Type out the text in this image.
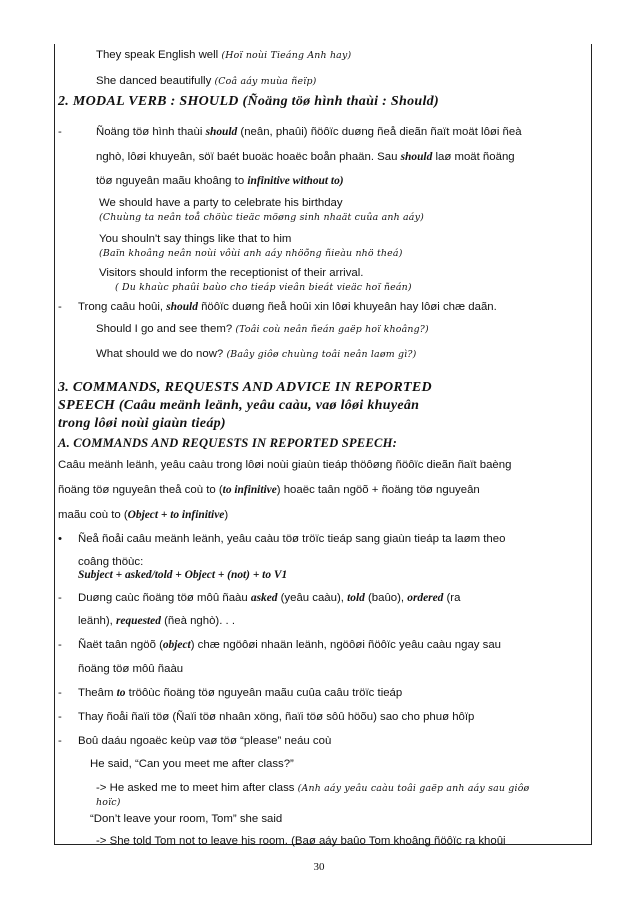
They speak English well (Hoï noùi Tieáng Anh hay)
She danced beautifully (Coâ aáy muùa ñeïp)
2. MODAL VERB : SHOULD (Ñoäng töø hình thaùi : Should)
-	Ñoäng töø hình thaùi should (neân, phaûi) ñöôïc duøng ñeå dieãn ñaït moät lôøi ñeà
nghò, lôøi khuyeân, söï baét buoäc hoaëc boån phaän. Sau should laø moät ñoäng
töø nguyeân maãu khoâng to infinitive without to)
We should have a party to celebrate his birthday
(Chuùng ta neân toå chöùc tieäc möøng sinh nhaät cuûa anh aáy)
You shouln't say things like that to him
(Baïn khoâng neân noùi vôùi anh aáy nhöõng ñieàu nhö theá)
Visitors should inform the receptionist of their arrival.
( Du khaùc phaûi baùo cho tieáp vieân bieát vieäc hoï ñeán)
- Trong caâu hoûi, should ñöôïc duøng ñeå hoûi xin lôøi khuyeân hay lôøi chæ daãn.
Should I go and see them? (Toâi coù neân ñeán gaëp hoï khoâng?)
What should we do now? (Baây giôø chuùng toâi neân laøm gì?)
3. COMMANDS, REQUESTS AND ADVICE IN REPORTED
SPEECH (Caâu meänh leänh, yeâu caàu, vaø lôøi khuyeân
trong lôøi noùi giaùn tieáp)
A. COMMANDS AND REQUESTS IN REPORTED SPEECH:
Caâu meänh leänh, yeâu caàu trong lôøi noùi giaùn tieáp thöôøng ñöôïc dieãn ñaït baèng
ñoäng töø nguyeân theå coù to (to infinitive) hoaëc taân ngöõ + ñoäng töø nguyeân
maãu coù to (Object + to infinitive)
• Ñeå ñoåi caâu meänh leänh, yeâu caàu töø tröïc tieáp sang giaùn tieáp ta laøm theo
coâng thöùc:
Subject + asked/told + Object + (not) + to V1
- Duøng caùc ñoäng töø môû ñaàu asked (yeâu caàu), told (baûo), ordered (ra
leänh), requested (ñeà nghò). . .
- Ñaët taân ngöõ (object) chæ ngöôøi nhaän leänh, ngöôøi ñöôïc yeâu caàu ngay sau
ñoäng töø môû ñaàu
- Theâm to tröôùc ñoäng töø nguyeân maãu cuûa caâu tröïc tieáp
- Thay ñoåi ñaïi töø (Ñaïi töø nhaân xöng, ñaïi töø sôû höõu) sao cho phuø hôïp
- Boû daáu ngoaëc keùp vaø töø “please” neáu coù
He said, “Can you meet me after class?”
-> He asked me to meet him after class (Anh aáy yeâu caàu toâi gaëp anh aáy sau giôø
hoïc)
“Don’t leave your room, Tom” she said
-> She told Tom not to leave his room. (Baø aáy baûo Tom khoâng ñöôïc ra khoûi
30
